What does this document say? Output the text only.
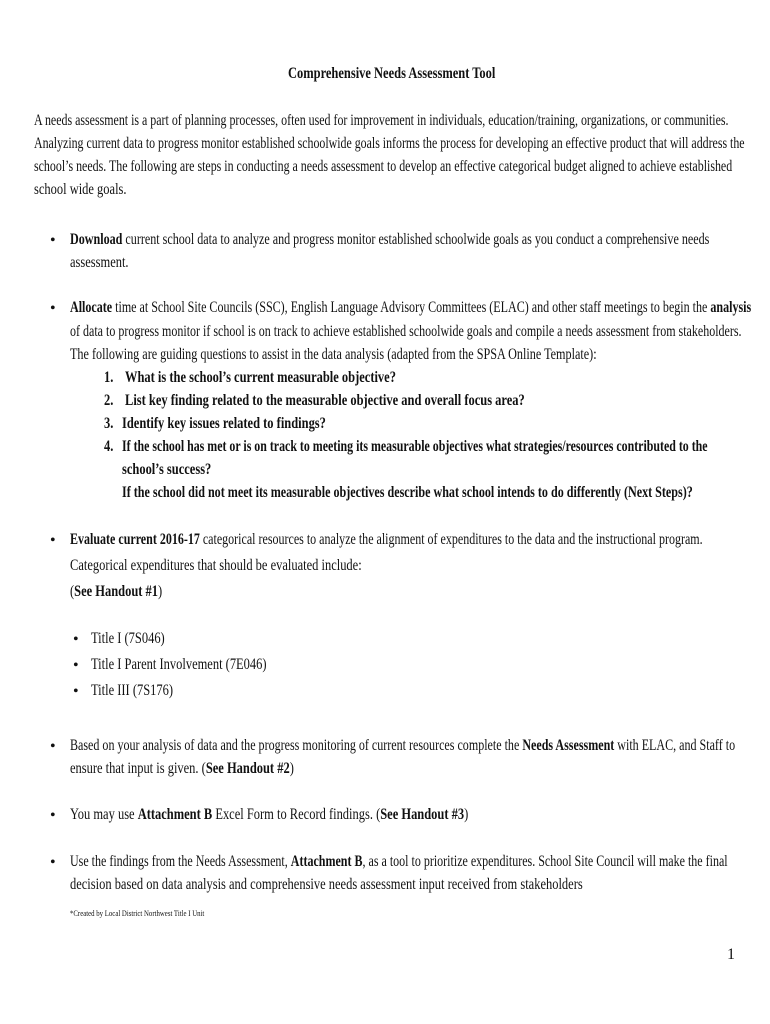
Comprehensive Needs Assessment Tool
A needs assessment is a part of planning processes, often used for improvement in individuals, education/training, organizations, or communities.
Analyzing current data to progress monitor established schoolwide goals informs the process for developing an effective product that will address the
school’s needs. The following are steps in conducting a needs assessment to develop an effective categorical budget aligned to achieve established
school wide goals.
• Download current school data to analyze and progress monitor established schoolwide goals as you conduct a comprehensive needs
assessment.
• Allocate time at School Site Councils (SSC), English Language Advisory Committees (ELAC) and other staff meetings to begin the analysis
of data to progress monitor if school is on track to achieve established schoolwide goals and compile a needs assessment from stakeholders.
The following are guiding questions to assist in the data analysis (adapted from the SPSA Online Template):
1. What is the school’s current measurable objective?
2. List key finding related to the measurable objective and overall focus area?
3. Identify key issues related to findings?
4. If the school has met or is on track to meeting its measurable objectives what strategies/resources contributed to the
school’s success?
If the school did not meet its measurable objectives describe what school intends to do differently (Next Steps)?
• Evaluate current 2016-17 categorical resources to analyze the alignment of expenditures to the data and the instructional program.
Categorical expenditures that should be evaluated include:
(See Handout #1)
• Title I (7S046)
• Title I Parent Involvement (7E046)
• Title III (7S176)
• Based on your analysis of data and the progress monitoring of current resources complete the Needs Assessment with ELAC, and Staff to
ensure that input is given. (See Handout #2)
• You may use Attachment B Excel Form to Record findings. (See Handout #3)
• Use the findings from the Needs Assessment, Attachment B, as a tool to prioritize expenditures. School Site Council will make the final
decision based on data analysis and comprehensive needs assessment input received from stakeholders
*Created by Local District Northwest Title I Unit
1
